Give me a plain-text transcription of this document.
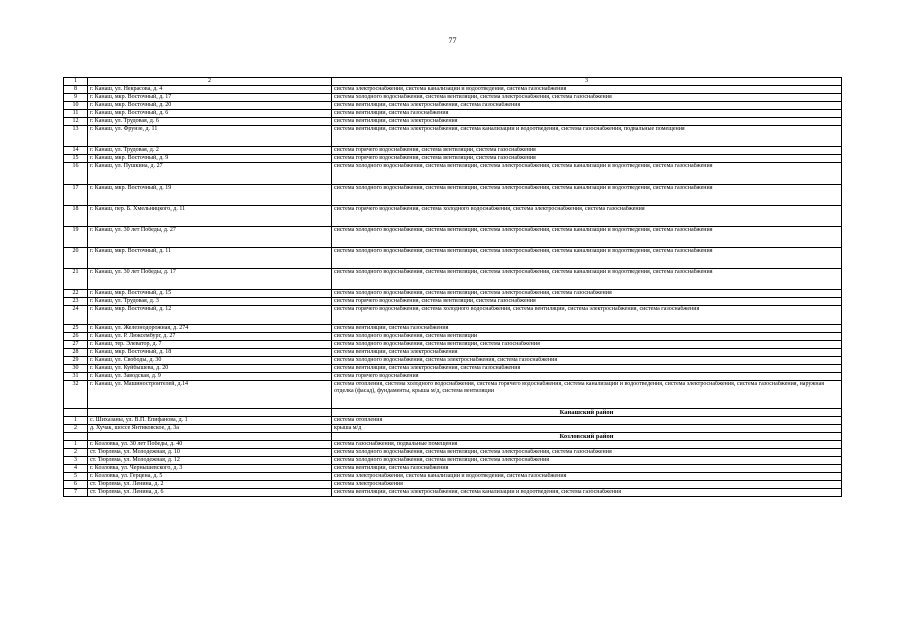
77
1	2	3
8	г. Канаш, ул. Некрасова, д. 4	система электроснабжения, система канализации и водоотведения, система газоснабжения
9	г. Канаш, мкр. Восточный, д. 17	система холодного водоснабжения, система вентиляции, система электроснабжения, система газоснабжения
10	г. Канаш, мкр. Восточный, д. 20	система вентиляции, система электроснабжения, система газоснабжения
11	г. Канаш, мкр. Восточный, д. 6	система вентиляции, система газоснабжения
12	г. Канаш, ул. Трудовая, д. 6	система вентиляции, система электроснабжения
13	г. Канаш, ул. Фрунзе, д. 11	система вентиляции, система электроснабжения, система канализации и водоотведения, система газоснабжения, подвальные помещения
14	г. Канаш, ул. Трудовая, д. 2	система горячего водоснабжения, система вентиляции, система газоснабжения
15	г. Канаш, мкр. Восточный, д. 9	система горячего водоснабжения, система вентиляции, система газоснабжения
16	г. Канаш, ул. Пушкина, д. 27	система холодного водоснабжения, система вентиляции, система электроснабжения, система канализации и водоотведения, система газоснабжения
17	г. Канаш, мкр. Восточный, д. 19	система холодного водоснабжения, система вентиляции, система электроснабжения, система канализации и водоотведения, система газоснабжения
18	г. Канаш, пер. Б. Хмельницкого, д. 11	система горячего водоснабжения, система холодного водоснабжения, система электроснабжения, система газоснабжения
19	г. Канаш, ул. 30 лет Победы, д. 27	система холодного водоснабжения, система вентиляции, система электроснабжения, система канализации и водоотведения, система газоснабжения
20	г. Канаш, мкр. Восточный, д. 11	система холодного водоснабжения, система вентиляции, система электроснабжения, система канализации и водоотведения, система газоснабжения
21	г. Канаш, ул. 30 лет Победы, д. 17	система холодного водоснабжения, система вентиляции, система электроснабжения, система канализации и водоотведения, система газоснабжения
22	г. Канаш, мкр. Восточный, д. 15	система холодного водоснабжения, система вентиляции, система электроснабжения, система газоснабжения
23	г. Канаш, ул. Трудовая, д. 3	система горячего водоснабжения, система вентиляции, система газоснабжения
24	г. Канаш, мкр. Восточный, д. 12	система горячего водоснабжения, система холодного водоснабжения, система вентиляции, система электроснабжения, система газоснабжения
25	г. Канаш, ул. Железнодорожная, д. 274	система вентиляции, система газоснабжения
26	г. Канаш, ул. Р. Люксембург, д. 27	система холодного водоснабжения, система вентиляции
27	г. Канаш, тер. Элеватор, д. 7	система холодного водоснабжения, система вентиляции, система газоснабжения
28	г. Канаш, мкр. Восточный, д. 18	система вентиляции, система электроснабжения
29	г. Канаш, ул. Свободы, д. 30	система холодного водоснабжения, система электроснабжения, система газоснабжения
30	г. Канаш, ул. Куйбышева, д. 20	система вентиляции, система электроснабжения, система газоснабжения
31	г. Канаш, ул. Заводская, д. 9	система горячего водоснабжения
32	г. Канаш, ул. Машиностроителей, д.14	система отопления, система холодного водоснабжения, система горячего водоснабжения, система канализации и водоотведения, система электроснабжения, система газоснабжения, наружная отделка (фасад), фундаменты, крыша м/д, система вентиляции
		Канашский район
1	с. Шихазаны, ул. В.П. Епифанова, д. 1	система отопления
2	д. Хучак, шоссе Янтиковское, д. 3а	крыша м/д
		Козловский район
1	г. Козловка, ул. 30 лет Победы, д. 40	система газоснабжения, подвальные помещения
2	ст. Тюрлема, ул. Молодежная, д. 10	система холодного водоснабжения, система вентиляции, система электроснабжения, система газоснабжения
3	ст. Тюрлема, ул. Молодежная, д. 12	система холодного водоснабжения, система вентиляции, система электроснабжения
4	г. Козловка, ул. Чернышевского, д. 3	система вентиляции, система газоснабжения
5	г. Козловка, ул. Герцена, д. 5	система электроснабжения, система канализации и водоотведения, система газоснабжения
6	ст. Тюрлема, ул. Ленина, д. 2	система электроснабжения
7	ст. Тюрлема, ул. Ленина, д. 6	система вентиляции, система электроснабжения, система канализации и водоотведения, система газоснабжения
